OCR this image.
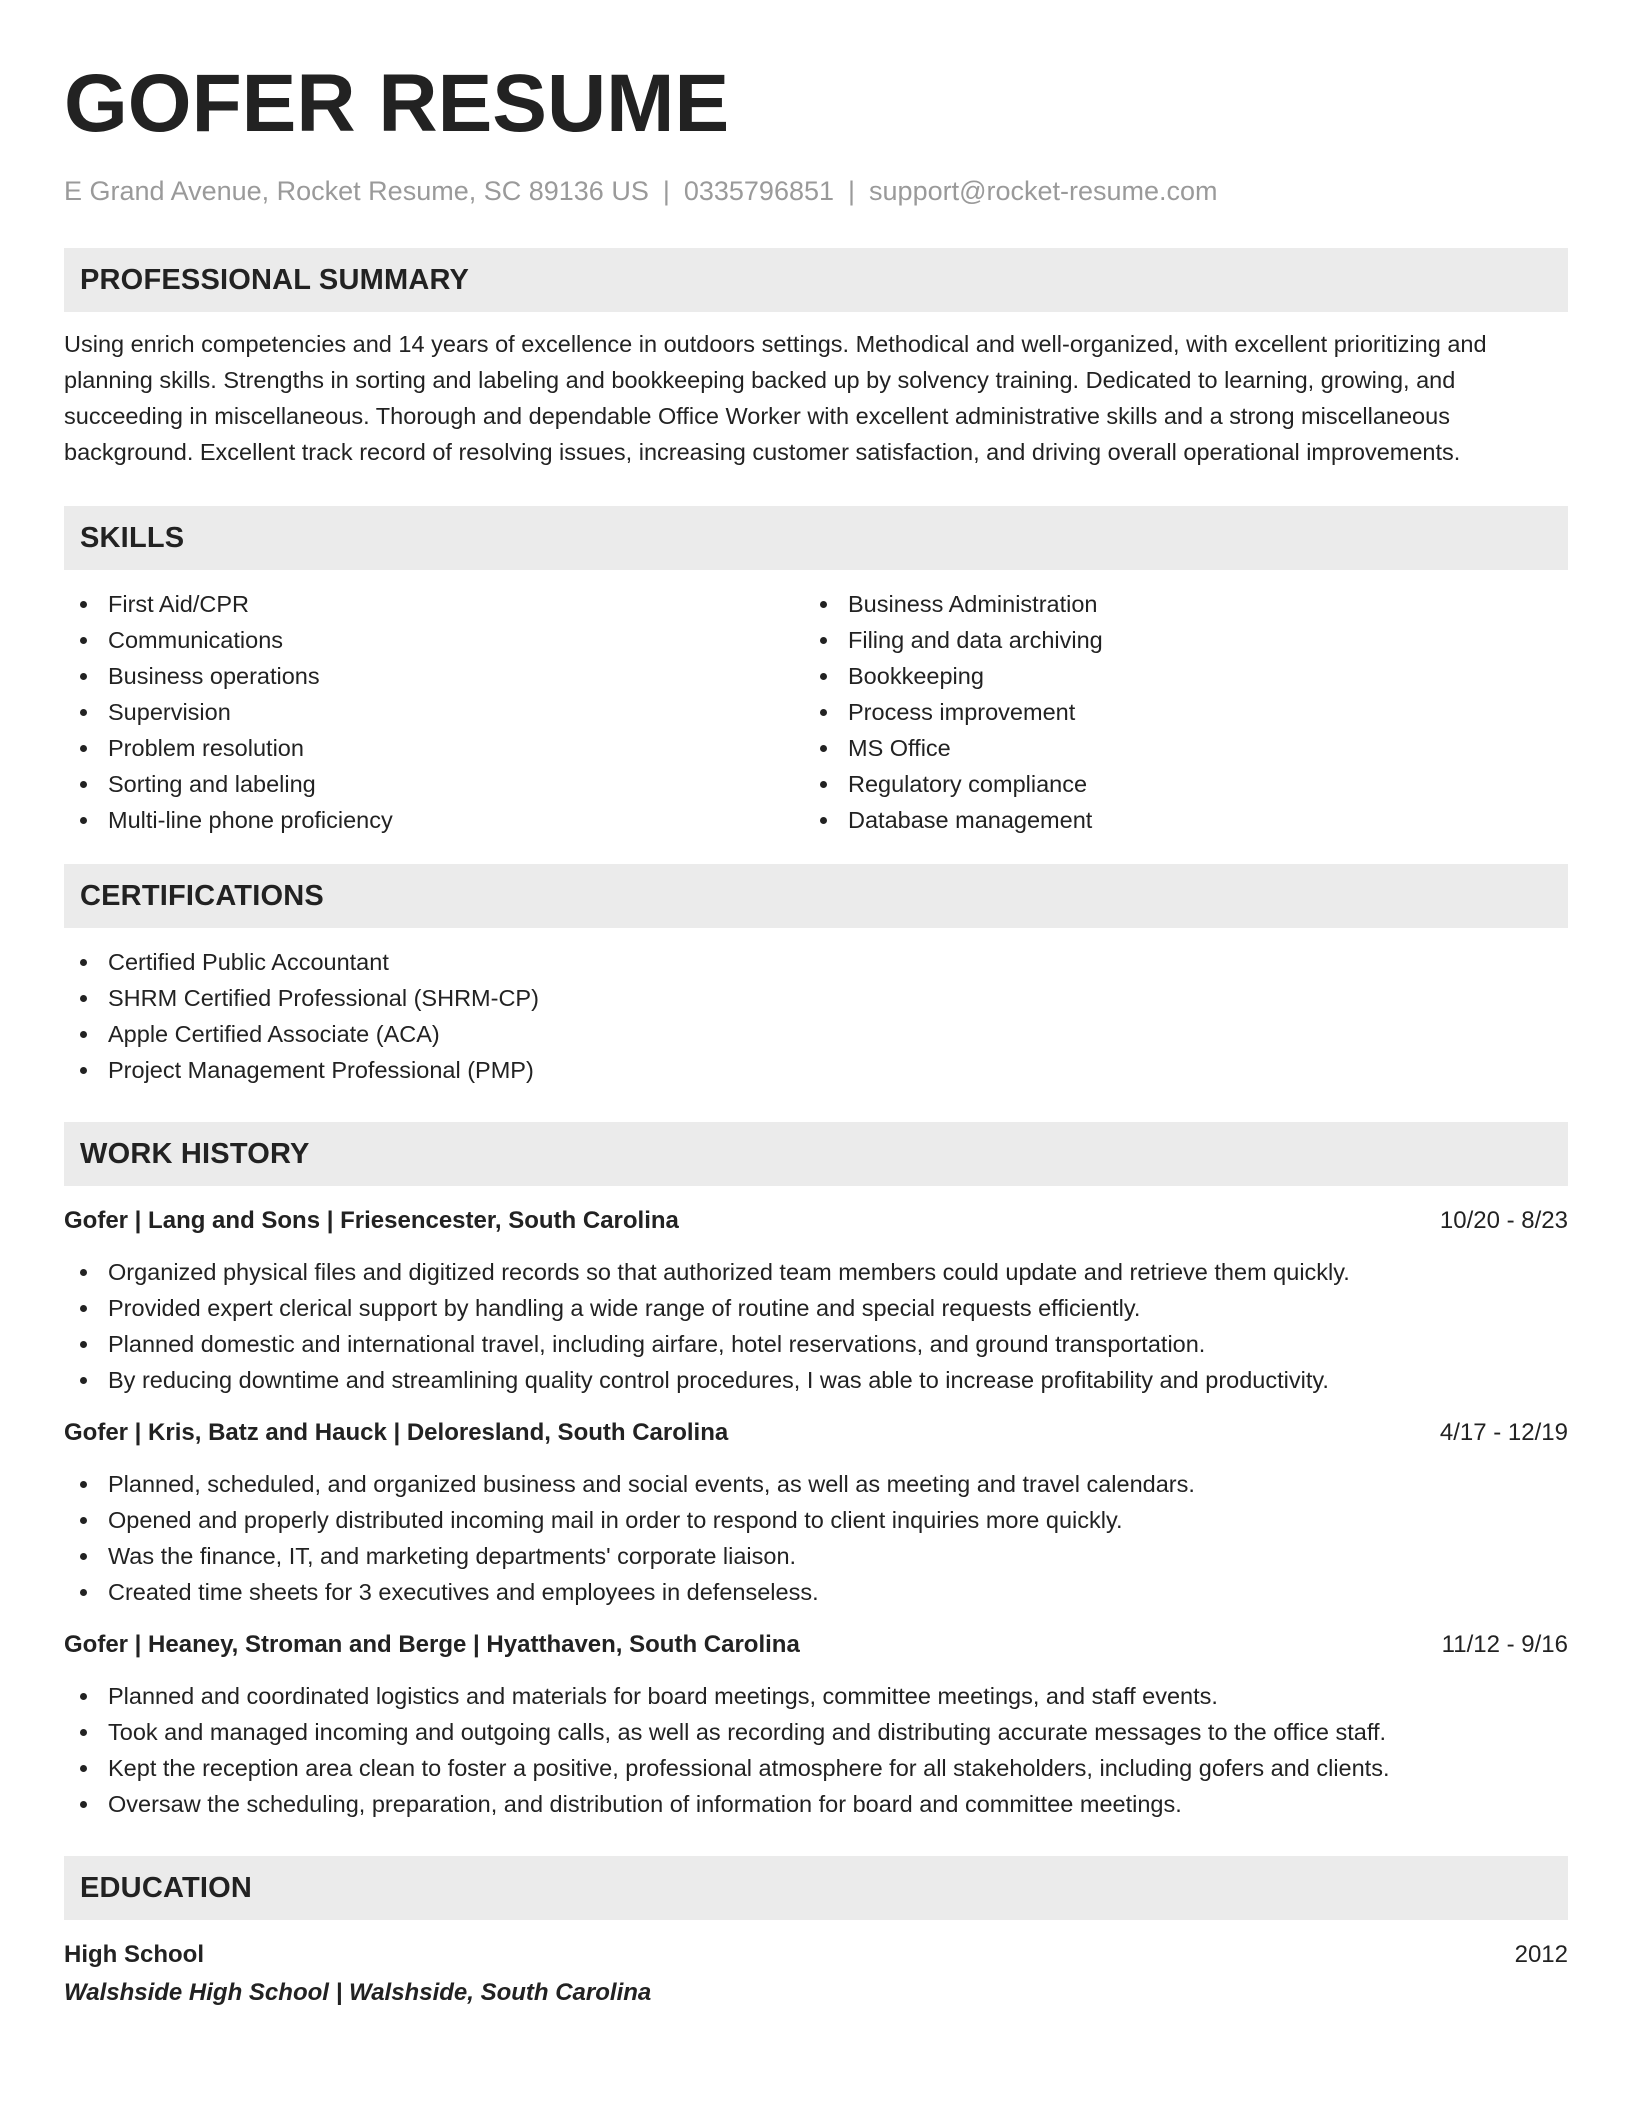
GOFER RESUME
E Grand Avenue, Rocket Resume, SC 89136 US | 0335796851 | support@rocket-resume.com
PROFESSIONAL SUMMARY

Using enrich competencies and 14 years of excellence in outdoors settings. Methodical and well-organized, with excellent prioritizing and planning skills. Strengths in sorting and labeling and bookkeeping backed up by solvency training. Dedicated to learning, growing, and succeeding in miscellaneous. Thorough and dependable Office Worker with excellent administrative skills and a strong miscellaneous background. Excellent track record of resolving issues, increasing customer satisfaction, and driving overall operational improvements.

SKILLS
First Aid/CPR
Communications
Business operations
Supervision
Problem resolution
Sorting and labeling
Multi-line phone proficiency
Business Administration
Filing and data archiving
Bookkeeping
Process improvement
MS Office
Regulatory compliance
Database management
CERTIFICATIONS
Certified Public Accountant
SHRM Certified Professional (SHRM-CP)
Apple Certified Associate (ACA)
Project Management Professional (PMP)
WORK HISTORY
Gofer | Lang and Sons | Friesencester, South Carolina	10/20 - 8/23
Organized physical files and digitized records so that authorized team members could update and retrieve them quickly.
Provided expert clerical support by handling a wide range of routine and special requests efficiently.
Planned domestic and international travel, including airfare, hotel reservations, and ground transportation.
By reducing downtime and streamlining quality control procedures, I was able to increase profitability and productivity.
Gofer | Kris, Batz and Hauck | Deloresland, South Carolina	4/17 - 12/19
Planned, scheduled, and organized business and social events, as well as meeting and travel calendars.
Opened and properly distributed incoming mail in order to respond to client inquiries more quickly.
Was the finance, IT, and marketing departments' corporate liaison.
Created time sheets for 3 executives and employees in defenseless.
Gofer | Heaney, Stroman and Berge | Hyatthaven, South Carolina	11/12 - 9/16
Planned and coordinated logistics and materials for board meetings, committee meetings, and staff events.
Took and managed incoming and outgoing calls, as well as recording and distributing accurate messages to the office staff.
Kept the reception area clean to foster a positive, professional atmosphere for all stakeholders, including gofers and clients.
Oversaw the scheduling, preparation, and distribution of information for board and committee meetings.
EDUCATION
High School	2012
Walshside High School | Walshside, South Carolina
